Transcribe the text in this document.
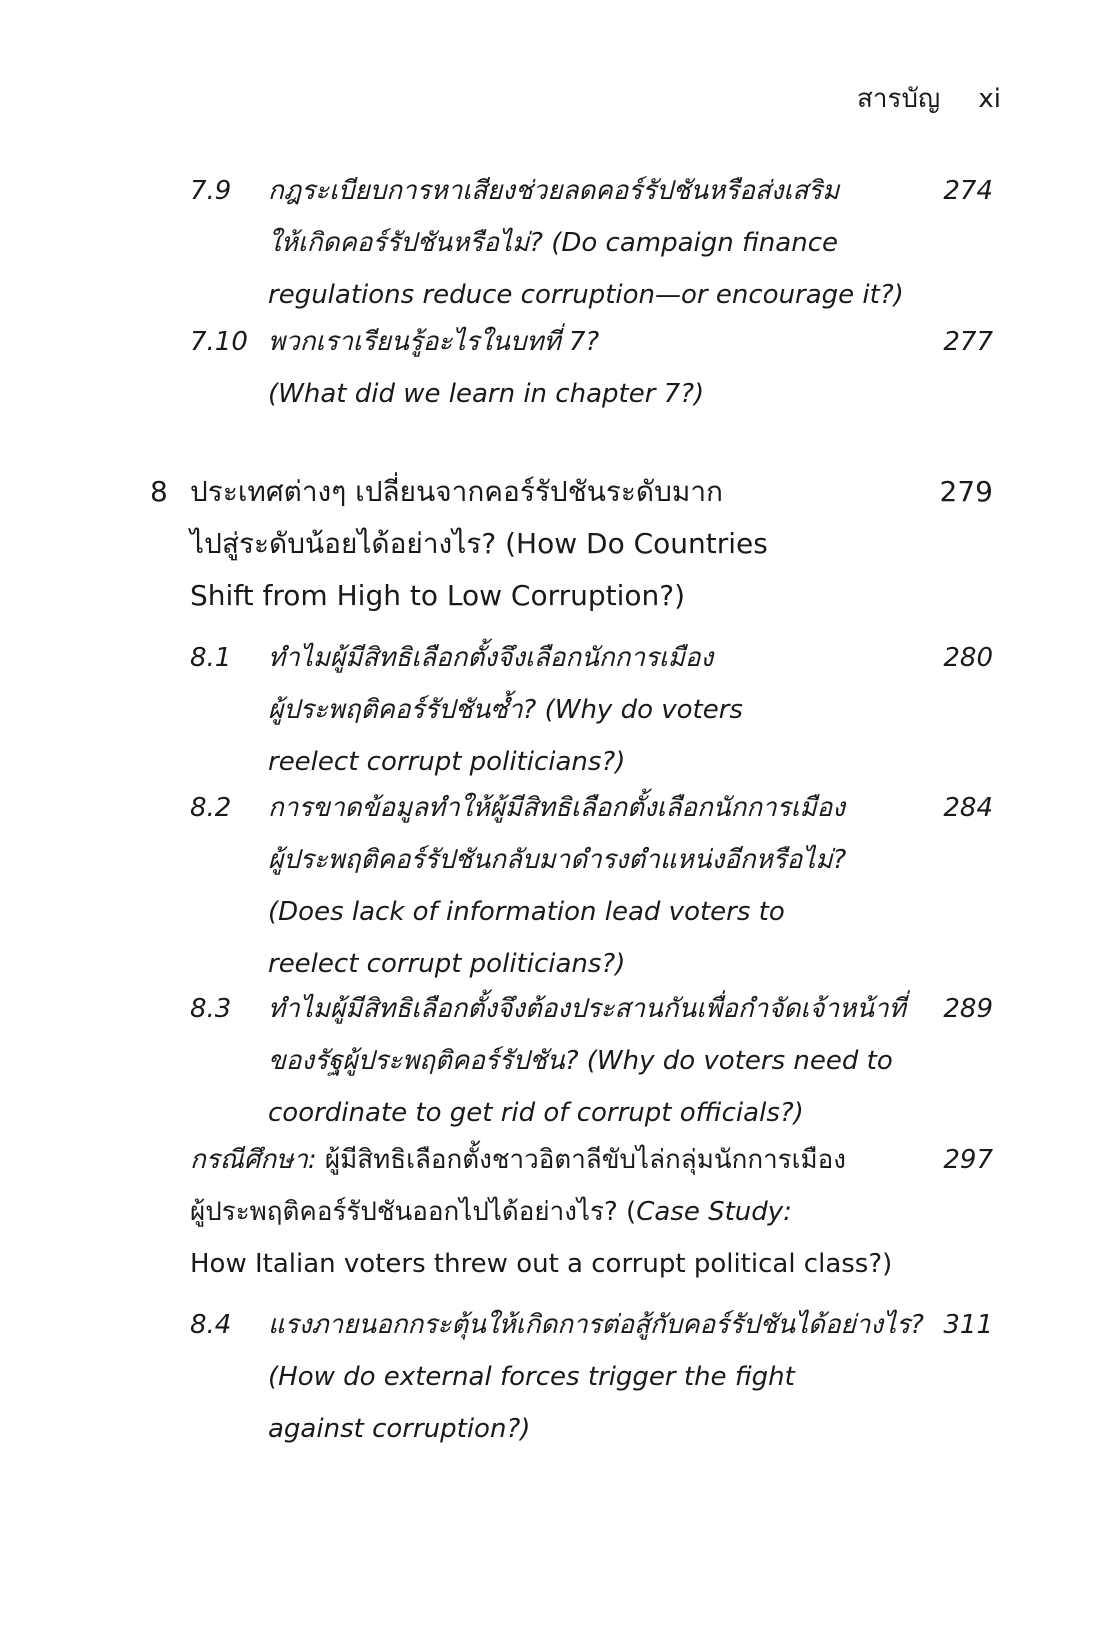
สารบัญ xi
7.9 กฎระเบียบการหาเสียงช่วยลดคอร์รัปชันหรือส่งเสริม
ให้เกิดคอร์รัปชันหรือไม่? (Do campaign finance
regulations reduce corruption—or encourage it?)
274
7.10 พวกเราเรียนรู้อะไรในบทที่ 7?
(What did we learn in chapter 7?)
277
8 ประเทศต่างๆ เปลี่ยนจากคอร์รัปชันระดับมาก
ไปสู่ระดับน้อยได้อย่างไร? (How Do Countries
Shift from High to Low Corruption?)
279
8.1 ทำไมผู้มีสิทธิเลือกตั้งจึงเลือกนักการเมือง
ผู้ประพฤติคอร์รัปชันซ้ำ? (Why do voters
reelect corrupt politicians?)
280
8.2 การขาดข้อมูลทำให้ผู้มีสิทธิเลือกตั้งเลือกนักการเมือง
ผู้ประพฤติคอร์รัปชันกลับมาดำรงตำแหน่งอีกหรือไม่?
(Does lack of information lead voters to
reelect corrupt politicians?)
284
8.3 ทำไมผู้มีสิทธิเลือกตั้งจึงต้องประสานกันเพื่อกำจัดเจ้าหน้าที่
ของรัฐผู้ประพฤติคอร์รัปชัน? (Why do voters need to
coordinate to get rid of corrupt officials?)
289
กรณีศึกษา: ผู้มีสิทธิเลือกตั้งชาวอิตาลีขับไล่กลุ่มนักการเมือง
ผู้ประพฤติคอร์รัปชันออกไปได้อย่างไร? (Case Study:
How Italian voters threw out a corrupt political class?)
297
8.4 แรงภายนอกกระตุ้นให้เกิดการต่อสู้กับคอร์รัปชันได้อย่างไร?
(How do external forces trigger the fight
against corruption?)
311
